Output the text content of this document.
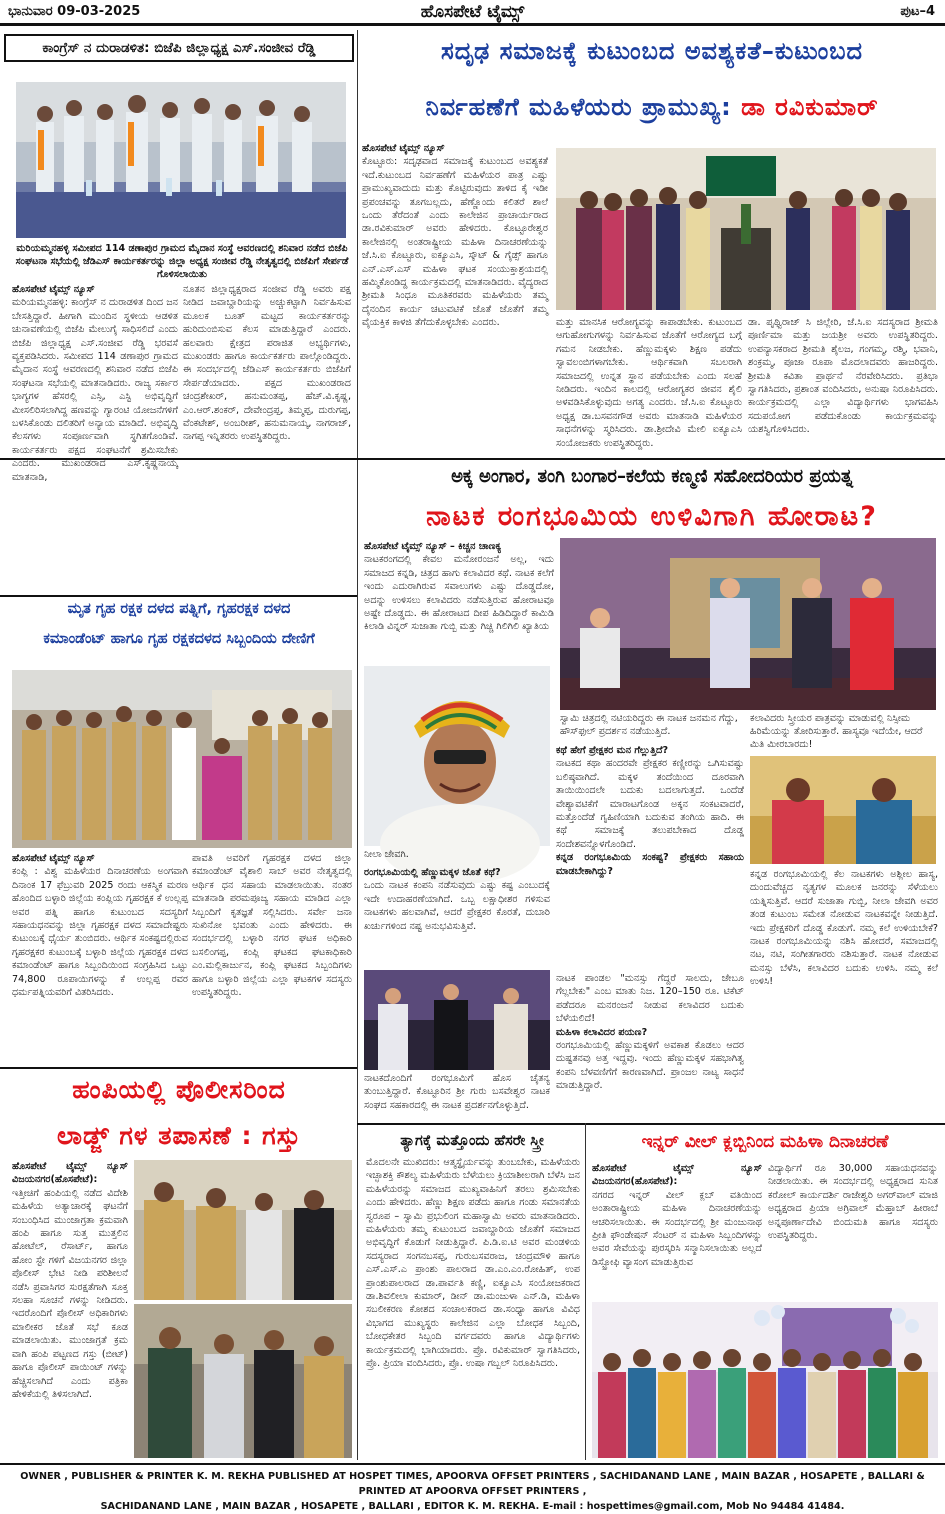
ಭಾನುವಾರ 09-03-2025	ಹೊಸಪೇಟೆ ಟೈಮ್ಸ್	ಪುಟ–4
ಕಾಂಗ್ರೆಸ್ ನ ದುರಾಡಳಿತ: ಬಿಜೆಪಿ ಜಿಲ್ಲಾಧ್ಯಕ್ಷ ಎಸ್.ಸಂಜೀವ ರೆಡ್ಡಿ
ಮರಿಯಮ್ಮನಹಳ್ಳಿ ಸಮೀಪದ 114 ಡಣಾಪುರ ಗ್ರಾಮದ ಮೈದಾನ ಸಂಸ್ಥೆ ಆವರಣದಲ್ಲಿ ಶನಿವಾರ ನಡೆದ ಬಿಜೆಪಿ ಸಂಘಟನಾ ಸಭೆಯಲ್ಲಿ ಜೆಡಿಎಸ್ ಕಾರ್ಯಕರ್ತರನ್ನು ಜಿಲ್ಲಾ ಅಧ್ಯಕ್ಷ ಸಂಜೀವ ರೆಡ್ಡಿ ನೇತೃತ್ವದಲ್ಲಿ ಬಿಜೆಪಿಗೆ ಸೇರ್ಪಡೆ ಗೊಳಿಸಲಾಯಿತು

ಹೊಸಪೇಟೆ ಟೈಮ್ಸ್ ನ್ಯೂಸ್

ಮರಿಯಮ್ಮನಹಳ್ಳಿ: ಕಾಂಗ್ರೆಸ್ ನ ದುರಾಡಳಿತ ದಿಂದ ಜನ ಬೇಸತ್ತಿದ್ದಾರೆ. ಹೀಗಾಗಿ ಮುಂದಿನ ಸ್ಥಳೀಯ ಆಡಳಿತ ಚುನಾವಣೆಯಲ್ಲಿ ಬಿಜೆಪಿ ಮೇಲುಗೈ ಸಾಧಿಸಲಿದೆ ಎಂದು ಬಿಜೆಪಿ ಜಿಲ್ಲಾಧ್ಯಕ್ಷ ಎಸ್.ಸಂಜೀವ ರೆಡ್ಡಿ ಭರವಸೆ ವ್ಯಕ್ತಪಡಿಸಿದರು. ಸಮೀಪದ 114 ಡಣಾಪುರ ಗ್ರಾಮದ ಮೈದಾನ ಸಂಸ್ಥೆ ಆವರಣದಲ್ಲಿ ಶನಿವಾರ ನಡೆದ ಬಿಜೆಪಿ ಸಂಘಟನಾ ಸಭೆಯಲ್ಲಿ ಮಾತನಾಡಿದರು. ರಾಜ್ಯ ಸರ್ಕಾರ ಭಾಗ್ಯಗಳ ಹೆಸರಲ್ಲಿ ಎಸ್ಸಿ, ಎಸ್ಟಿ ಅಭಿವೃದ್ಧಿಗೆ ಮೀಸಲಿರಿಸಲಾಗಿದ್ದ ಹಣವನ್ನು ಗ್ಯಾರಂಟಿ ಯೋಜನೆಗಳಿಗೆ ಬಳಸಿಕೊಂಡು ದಲಿತರಿಗೆ ಅನ್ಯಾಯ ಮಾಡಿದೆ. ಅಭಿವೃದ್ಧಿ ಕೆಲಸಗಳು ಸಂಪೂರ್ಣವಾಗಿ ಸ್ಥಗಿತಗೊಂಡಿವೆ. ಕಾರ್ಯಕರ್ತರು ಪಕ್ಷದ ಸಂಘಟನೆಗೆ ಶ್ರಮಿಸಬೇಕು ಎಂದರು. ಮುಖಂಡರಾದ ಎಸ್.ಕೃಷ್ಣನಾಯ್ಕ ಮಾತನಾಡಿ,

ನೂತನ ಜಿಲ್ಲಾಧ್ಯಕ್ಷರಾದ ಸಂಜೀವ ರೆಡ್ಡಿ ಅವರು ಪಕ್ಷ ನೀಡಿದ ಜವಾಬ್ದಾರಿಯನ್ನು ಅಚ್ಚುಕಟ್ಟಾಗಿ ನಿರ್ವಹಿಸುವ ಮೂಲಕ ಬೂತ್ ಮಟ್ಟದ ಕಾರ್ಯಕರ್ತರನ್ನು ಹುರಿದುಂಬಿಸುವ ಕೆಲಸ ಮಾಡುತ್ತಿದ್ದಾರೆ ಎಂದರು. ಹಲವಾರು ಕ್ಷೇತ್ರದ ಪರಾಜಿತ ಅಭ್ಯರ್ಥಿಗಳು, ಮುಖಂಡರು ಹಾಗೂ ಕಾರ್ಯಕರ್ತರು ಪಾಲ್ಗೊಂಡಿದ್ದರು. ಈ ಸಂದರ್ಭದಲ್ಲಿ ಜೆಡಿಎಸ್ ಕಾರ್ಯಕರ್ತರು ಬಿಜೆಪಿಗೆ ಸೇರ್ಪಡೆಯಾದರು. ಪಕ್ಷದ ಮುಖಂಡರಾದ ಚಂದ್ರಶೇಖರ್, ಹನುಮಂತಪ್ಪ, ಹೆಚ್.ವಿ.ಕೃಷ್ಣ, ಎಂ.ಆರ್.ಶಂಕರ್, ದೇವೇಂದ್ರಪ್ಪ, ತಿಮ್ಮಪ್ಪ, ದುರುಗಪ್ಪ, ವೆಂಕಟೇಶ್, ಅಂಬರೀಶ್, ಹನುಮನಾಯ್ಕ, ನಾಗರಾಜ್, ನಾಗಪ್ಪ ಇನ್ನಿತರರು ಉಪಸ್ಥಿತರಿದ್ದರು.
ಸದೃಢ ಸಮಾಜಕ್ಕೆ ಕುಟುಂಬದ ಅವಶ್ಯಕತೆ–ಕುಟುಂಬದ
ನಿರ್ವಹಣೆಗೆ ಮಹಿಳೆಯರು ಪ್ರಾಮುಖ್ಯ: ಡಾ ರವಿಕುಮಾರ್

ಹೊಸಪೇಟೆ ಟೈಮ್ಸ್ ನ್ಯೂಸ್

ಕೊಟ್ಟೂರು: ಸದೃಢವಾದ ಸಮಾಜಕ್ಕೆ ಕುಟುಂಬದ ಅವಶ್ಯಕತೆ ಇದೆ.ಕುಟುಂಬದ ನಿರ್ವಹಣೆಗೆ ಮಹಿಳೆಯರ ಪಾತ್ರ ಎಷ್ಟು ಪ್ರಾಮುಖ್ಯವಾದುದು ಮತ್ತು ಕೊಟ್ಟಿರುವುದು ತಾಳಿದ ಕೈ ಇಡೀ ಪ್ರಪಂಚವನ್ನು ತೂಗಬಲ್ಲದು, ಹೆಣ್ಣೊಂದು ಕಲಿತರೆ ಶಾಲೆ ಒಂದು ತೆರೆದಂತೆ ಎಂದು ಕಾಲೇಜಿನ ಪ್ರಾಚಾರ್ಯರಾದ ಡಾ.ರವಿಕುಮಾರ್ ಅವರು ಹೇಳಿದರು. ಕೊಟ್ಟೂರೇಶ್ವರ ಕಾಲೇಜಿನಲ್ಲಿ ಅಂತರಾಷ್ಟ್ರೀಯ ಮಹಿಳಾ ದಿನಾಚರಣೆಯನ್ನು ಜೆ.ಸಿ.ಐ ಕೊಟ್ಟೂರು, ಐಕ್ಯೂಎಸಿ, ಸ್ಕೌಟ್ & ಗೈಡ್ಸ್ ಹಾಗೂ ಎನ್.ಎಸ್.ಎಸ್ ಮಹಿಳಾ ಘಟಕ ಸಂಯುಕ್ತಾಶ್ರಯದಲ್ಲಿ ಹಮ್ಮಿಕೊಂಡಿದ್ದ ಕಾರ್ಯಕ್ರಮದಲ್ಲಿ ಮಾತನಾಡಿದರು. ವೈದ್ಯರಾದ ಶ್ರೀಮತಿ ಸಿಂಧೂ ಮೂತಿಕರವರು ಮಹಿಳೆಯರು ತಮ್ಮ ದೈನಂದಿನ ಕಾರ್ಯ ಚಟುವಟಿಕೆ ಜೊತೆ ಜೊತೆಗೆ ತಮ್ಮ ವೈಯಕ್ತಿಕ ಕಾಳಜಿ ತೆಗೆದುಕೊಳ್ಳಬೇಕು ಎಂದರು.	ಮತ್ತು ಮಾನಸಿಕ ಆರೋಗ್ಯವನ್ನು ಕಾಪಾಡಬೇಕು. ಕುಟುಂಬದ ಆಗುಹೋಗುಗಳನ್ನು ನಿರ್ವಹಿಸುವ ಜೊತೆಗೆ ಆರೋಗ್ಯದ ಬಗ್ಗೆ ಗಮನ ನೀಡಬೇಕು. ಹೆಣ್ಣುಮಕ್ಕಳು ಶಿಕ್ಷಣ ಪಡೆದು ಸ್ವಾವಲಂಬಿಗಳಾಗಬೇಕು. ಆರ್ಥಿಕವಾಗಿ ಸಬಲರಾಗಿ ಸಮಾಜದಲ್ಲಿ ಉನ್ನತ ಸ್ಥಾನ ಪಡೆಯಬೇಕು ಎಂದು ಸಲಹೆ ನೀಡಿದರು. ಇಂದಿನ ಕಾಲದಲ್ಲಿ ಆರೋಗ್ಯಕರ ಜೀವನ ಶೈಲಿ ಅಳವಡಿಸಿಕೊಳ್ಳುವುದು ಅಗತ್ಯ ಎಂದರು. ಜೆ.ಸಿ.ಐ ಕೊಟ್ಟೂರು ಅಧ್ಯಕ್ಷ ಡಾ.ಬಸವನಗೌಡ ಅವರು ಮಾತನಾಡಿ ಮಹಿಳೆಯರ ಸಾಧನೆಗಳನ್ನು ಸ್ಮರಿಸಿದರು. ಡಾ.ಶ್ರೀದೇವಿ ಮೇಲಿ ಐಕ್ಯೂಎಸಿ ಸಂಯೋಜಕರು ಉಪಸ್ಥಿತರಿದ್ದರು.
ಡಾ. ಪೃಥ್ವಿರಾಜ್ ಸಿ ಜಿಲ್ಲೇರಿ, ಜೆ.ಸಿ.ಐ ಸದಸ್ಯರಾದ ಶ್ರೀಮತಿ ಪೂರ್ಣಿಮಾ ಮತ್ತು ಜಯಶ್ರೀ ಅವರು ಉಪಸ್ಥಿತರಿದ್ದರು. ಉಪನ್ಯಾಸಕರಾದ ಶ್ರೀಮತಿ ಶೈಲಜ, ಗಂಗಮ್ಮ, ರಶ್ಮಿ, ಭವಾನಿ, ಶಂಕ್ರಮ್ಮ, ಪೂಜಾ ರೂಪಾ ಮೊದಲಾದವರು ಹಾಜರಿದ್ದರು. ಶ್ರೀಮತಿ ಕವಿತಾ ಪ್ರಾರ್ಥನೆ ನೆರವೇರಿಸಿದರು. ಪ್ರತಿಭಾ ಸ್ವಾಗತಿಸಿದರು, ಪ್ರಶಾಂತ ವಂದಿಸಿದರು, ಅನುಷಾ ನಿರೂಪಿಸಿದರು. ಕಾರ್ಯಕ್ರಮದಲ್ಲಿ ಎಲ್ಲಾ ವಿದ್ಯಾರ್ಥಿಗಳು ಭಾಗವಹಿಸಿ ಸದುಪಯೋಗ ಪಡೆದುಕೊಂಡು ಕಾರ್ಯಕ್ರಮವನ್ನು ಯಶಸ್ವಿಗೊಳಿಸಿದರು.
ಅಕ್ಕ ಅಂಗಾರ, ತಂಗಿ ಬಂಗಾರ–ಕಲೆಯ ಕಣ್ಮಣಿ ಸಹೋದರಿಯರ ಪ್ರಯತ್ನ
ನಾಟಕ ರಂಗಭೂಮಿಯ ಉಳಿವಿಗಾಗಿ ಹೋರಾಟ?

ಹೊಸಪೇಟೆ ಟೈಮ್ಸ್ ನ್ಯೂಸ್ – ಕಿಚ್ಚನ ಚಾಣಕ್ಯ

ನಾಟಕರಂಗದಲ್ಲಿ ಕೇವಲ ಮನೋರಂಜನೆ ಅಲ್ಲ, ಇದು ಸಮಾಜದ ಕನ್ನಡಿ, ಚಿತ್ರದ ಹಾಗು ಕಲಾವಿದರ ಕಥೆ. ನಾಟಕ ಕಲೆಗೆ ಇಂದು ಎದುರಾಗಿರುವ ಸವಾಲುಗಳು ಎಷ್ಟು ದೊಡ್ಡದೋ, ಅದನ್ನು ಉಳಿಸಲು ಕಲಾವಿದರು ನಡೆಸುತ್ತಿರುವ ಹೋರಾಟವೂ ಅಷ್ಟೇ ದೊಡ್ಡದು. ಈ ಹೋರಾಟದ ದೀಪ ಹಿಡಿದಿದ್ದಾರೆ ಕಾಮಿಡಿ ಕಿಲಾಡಿ ವಿನ್ನರ್ ಸುಜಾತಾ ಗುಬ್ಬಿ ಮತ್ತು ಗಿಚ್ಚಿ ಗಿಲಿಗಿಲಿ ಖ್ಯಾತಿಯ

ಸ್ವಾಮಿ ಚಿತ್ರದಲ್ಲಿ ನಟಿಯರಿದ್ದರು ಈ ನಾಟಕ ಜನಮನ ಗೆದ್ದು, ಹೌಸ್‌ಫುಲ್ ಪ್ರದರ್ಶನ ನಡೆಯುತ್ತಿದೆ.
ಕಲಾವಿದರು ಸ್ತ್ರೀಯರ ಪಾತ್ರವನ್ನು ಮಾಡುವಲ್ಲಿ ನಿಸ್ಸೀಮ ಹಿರಿಮೆಯನ್ನು ತೋರಿಸುತ್ತಾರೆ. ಹಾಸ್ಯವೂ ಇದೆಯೇ, ಆದರೆ ಮಿತಿ ಮೀರಬಾರದು!
ನೀಲಾ ಜೇವಗಿ.

ಕಥೆ ಹೇಗೆ ಪ್ರೇಕ್ಷಕರ ಮನ ಗೆಲ್ಲುತ್ತಿದೆ?

ನಾಟಕದ ಕಥಾ ಹಂದರವೇ ಪ್ರೇಕ್ಷಕರ ಕಣ್ಣೀರನ್ನು ಒಗಿಸುವಷ್ಟು ಬಲಿಷ್ಠವಾಗಿದೆ. ಮಕ್ಕಳ ತಂದೆಯಿಂದ ದೂರವಾಗಿ ತಾಯಿಯಿಂದಲೇ ಬದುಕು ಬದಲಾಗುತ್ತದೆ. ಒಂದೆಡೆ ವೇಶ್ಯಾವಟಿಕೆಗೆ ಮಾರಾಟಗೊಂಡ ಅಕ್ಕನ ಸಂಕಟವಾದರೆ, ಮತ್ತೊಂದೆಡೆ ಗೃಹಿಣಿಯಾಗಿ ಬದುಕುವ ತಂಗಿಯ ಹಾದಿ. ಈ ಕಥೆ ಸಮಾಜಕ್ಕೆ ತಲುಪಬೇಕಾದ ದೊಡ್ಡ ಸಂದೇಶವನ್ನೊಳಗೊಂಡಿದೆ.

ಕನ್ನಡ ರಂಗಭೂಮಿಯ ಸಂಕಷ್ಟ? ಪ್ರೇಕ್ಷಕರು ಸಹಾಯ ಮಾಡಬೇಕಾಗಿದ್ದು?

ರಂಗಭೂಮಿಯಲ್ಲಿ ಹೆಣ್ಣುಮಕ್ಕಳ ಜೊತೆ ಕಥೆ?

ಒಂದು ನಾಟಕ ಕಂಪನಿ ನಡೆಸುವುದು ಎಷ್ಟು ಕಷ್ಟ ಎಂಬುದಕ್ಕೆ ಇದೇ ಉದಾಹರಣೆಯಾಗಿದೆ. ಒಬ್ಬ ಲಕ್ಷಾಧೀಶರ ಗಳಿಸುವ ನಾಟಕಗಳು ಹಲವಾಗಿವೆ, ಆದರೆ ಪ್ರೇಕ್ಷಕರ ಕೊರತೆ, ದುಬಾರಿ ಖರ್ಚುಗಳಿಂದ ನಷ್ಟ ಅನುಭವಿಸುತ್ತಿವೆ.

ನಾಟಕ ಪಾಂಡಲ "ಮನಸ್ಸು ಗೆದ್ದರೆ ಸಾಲದು, ಜೇಬೂ ಗೆಲ್ಲಬೇಕು" ಎಂಬ ಮಾತು ನಿಜ. 120–150 ರೂ. ಟಿಕೆಟ್ ಪಡೆದರೂ ಮನರಂಜನೆ ನೀಡುವ ಕಲಾವಿದರ ಬದುಕು ಬೆಳೆಯಲಿದೆ!

ಮಹಿಳಾ ಕಲಾವಿದರ ಪಯಣ?

ರಂಗಭೂಮಿಯಲ್ಲಿ ಹೆಣ್ಣುಮಕ್ಕಳಿಗೆ ಅವಕಾಶ ಕೊಡಲು ಆದರ ದುಷ್ಟತನವು ಅತ್ತ ಇದ್ದವು. ಇಂದು ಹೆಣ್ಣುಮಕ್ಕಳ ಸಹಭಾಗಿತ್ವ ಕಂಪನಿ ಬೆಳವಣಿಗೆಗೆ ಕಾರಣವಾಗಿದೆ. ಪ್ರಾಂಜಲ ನಾಟ್ಯ ಸಾಧನೆ ಮಾಡುತ್ತಿದ್ದಾರೆ.

ನಾಟಕದೊಂದಿಗೆ ರಂಗಭೂಮಿಗೆ ಹೊಸ ಚೈತನ್ಯ ತುಂಬುತ್ತಿದ್ದಾರೆ. ಕೊಟ್ಟೂರಿನ ಶ್ರೀ ಗುರು ಬಸವೇಶ್ವರ ನಾಟಕ ಸಂಘದ ಸಹಕಾರದಲ್ಲಿ ಈ ನಾಟಕ ಪ್ರದರ್ಶನಗೊಳ್ಳುತ್ತಿದೆ.
ಕನ್ನಡ ರಂಗಭೂಮಿಯಲ್ಲಿ ಕೆಲ ನಾಟಕಗಳು ಅಶ್ಲೀಲ ಹಾಸ್ಯ, ದುಂದುವೆಚ್ಚದ ನೃತ್ಯಗಳ ಮೂಲಕ ಜನರನ್ನು ಸೆಳೆಯಲು ಯತ್ನಿಸುತ್ತಿವೆ. ಆದರೆ ಸುಜಾತಾ ಗುಬ್ಬಿ, ನೀಲಾ ಜೇವಗಿ ಅವರ ತಂಡ ಕುಟುಂಬ ಸಮೇತ ನೋಡುವ ನಾಟಕವನ್ನೇ ನೀಡುತ್ತಿದೆ. ಇದು ಪ್ರೇಕ್ಷಕರಿಗೆ ದೊಡ್ಡ ಕೊಡುಗೆ. ನಮ್ಮ ಕಲೆ ಉಳಿಯಬೇಕೆ? ನಾಟಕ ರಂಗಭೂಮಿಯನ್ನು ನಶಿಸಿ ಹೋದರೆ, ಸಮಾಜದಲ್ಲಿ ನಟ, ನಟಿ, ಸಂಗೀತಗಾರರು ನಶಿಸುತ್ತಾರೆ. ನಾಟಕ ನೋಡುವ ಮನಸ್ಸು ಬೆಳೆಸಿ, ಕಲಾವಿದರ ಬದುಕು ಉಳಿಸಿ. ನಮ್ಮ ಕಲೆ ಉಳಿಸಿ!
ಮೃತ ಗೃಹ ರಕ್ಷಕ ದಳದ ಪತ್ನಿಗೆ, ಗೃಹರಕ್ಷಕ ದಳದ
ಕಮಾಂಡೆಂಟ್ ಹಾಗೂ ಗೃಹ ರಕ್ಷಕದಳದ ಸಿಬ್ಬಂದಿಯ ದೇಣಿಗೆ

ಹೊಸಪೇಟೆ ಟೈಮ್ಸ್ ನ್ಯೂಸ್

ಕಂಪ್ಲಿ : ವಿಶ್ವ ಮಹಿಳೆಯರ ದಿನಾಚರಣೆಯ ಅಂಗವಾಗಿ ದಿನಾಂಕ 17 ಫೆಬ್ರುವರಿ 2025 ರಂದು ಆಕಸ್ಮಿಕ ಮರಣ ಹೊಂದಿದ ಬಳ್ಳಾರಿ ಜಿಲ್ಲೆಯ ಕಂಪ್ಲಿಯ ಗೃಹರಕ್ಷಕ ಕೆ ಉಲ್ಲಪ್ಪ ಅವರ ಪತ್ನಿ ಹಾಗೂ ಕುಟುಂಬದ ಸದಸ್ಯರಿಗೆ ಸಹಾಯಧನವನ್ನು ಜಿಲ್ಲಾ ಗೃಹರಕ್ಷಕ ದಳದ ಸಮಾದೇಷ್ಟರು ಕುಟುಂಬಕ್ಕೆ ಧೈರ್ಯ ತುಂಬಿದರು. ಆರ್ಥಿಕ ಸಂಕಷ್ಟದಲ್ಲಿರುವ ಗೃಹರಕ್ಷಕರ ಕುಟುಂಬಕ್ಕೆ ಬಳ್ಳಾರಿ ಜಿಲ್ಲೆಯ ಗೃಹರಕ್ಷಕ ದಳದ ಕಮಾಂಡೆಂಟ್ ಹಾಗೂ ಸಿಬ್ಬಂದಿಯಿಂದ ಸಂಗ್ರಹಿಸಿದ ಒಟ್ಟು 74,800 ರೂಪಾಯಿಗಳನ್ನು ಕೆ ಉಲ್ಲಪ್ಪ ರವರ ಧರ್ಮಪತ್ನಿಯವರಿಗೆ ವಿತರಿಸಿದರು.

ಪಾವತಿ ಅವರಿಗೆ ಗೃಹರಕ್ಷಕ ದಳದ ಜಿಲ್ಲಾ ಕಮಾಂಡೆಂಟ್ ವೈಶಾಲಿ ಸಾಬ್ ಅವರ ನೇತೃತ್ವದಲ್ಲಿ ಆರ್ಥಿಕ ಧನ ಸಹಾಯ ಮಾಡಲಾಯಿತು. ನಂತರ ಮಾತನಾಡಿ ಪರಮಪೂಜ್ಯ ಸಹಾಯ ಮಾಡಿದ ಎಲ್ಲಾ ಸಿಬ್ಬಂದಿಗೆ ಕೃತಜ್ಞತೆ ಸಲ್ಲಿಸಿದರು. ಸರ್ವೇ ಜನಾ ಸುಖಿನೋ ಭವಂತು ಎಂದು ಹೇಳಿದರು. ಈ ಸಂದರ್ಭದಲ್ಲಿ ಬಳ್ಳಾರಿ ನಗರ ಘಟಕ ಅಧಿಕಾರಿ ಬಸಲಿಂಗಪ್ಪ, ಕಂಪ್ಲಿ ಘಟಕದ ಘಟಕಾಧಿಕಾರಿ ಎಂ.ಮಲ್ಲಿಕಾರ್ಜುನ, ಕಂಪ್ಲಿ ಘಟಕದ ಸಿಬ್ಬಂದಿಗಳು ಹಾಗೂ ಬಳ್ಳಾರಿ ಜಿಲ್ಲೆಯ ಎಲ್ಲಾ ಘಟಕಗಳ ಸದಸ್ಯರು ಉಪಸ್ಥಿತರಿದ್ದರು.
ಹಂಪಿಯಲ್ಲಿ ಪೊಲೀಸರಿಂದ
ಲಾಡ್ಜ್ ಗಳ ತಪಾಸಣೆ : ಗಸ್ತು

ಹೊಸಪೇಟೆ ಟೈಮ್ಸ್ ನ್ಯೂಸ್ ವಿಜಯನಗರ(ಹೊಸಪೇಟೆ):

ಇತ್ತೀಚಿಗೆ ಹಂಪಿಯಲ್ಲಿ ನಡೆದ ವಿದೇಶಿ ಮಹಿಳೆಯ ಅತ್ಯಾಚಾರಕ್ಕೆ ಘಟನೆಗೆ ಸಂಬಂಧಿಸಿದ ಮುಂಜಾಗ್ರತಾ ಕ್ರಮವಾಗಿ ಹಂಪಿ ಹಾಗೂ ಸುತ್ತ ಮುತ್ತಲಿನ ಹೋಟೆಲ್, ರೆಸಾರ್ಟ್, ಹಾಗೂ ಹೋಂ ಸ್ಟೇ ಗಳಿಗೆ ವಿಜಯನಗರ ಜಿಲ್ಲಾ ಪೊಲೀಸ್ ಭೇಟಿ ನೀಡಿ ಪರಿಶೀಲನೆ ನಡೆಸಿ ಪ್ರವಾಸಿಗರ ಸುರಕ್ಷತೆಗಾಗಿ ಸೂಕ್ತ ಸಲಹಾ ಸೂಚನೆ ಗಳನ್ನು ನೀಡಿದರು. ಇದರೊಂದಿಗೆ ಪೊಲೀಸ್ ಅಧಿಕಾರಿಗಳು ಮಾಲೀಕರ ಜೊತೆ ಸಭೆ ಕೂಡ ಮಾಡಲಾಯಿತು. ಮುಂಜಾಗ್ರತೆ ಕ್ರಮ ವಾಗಿ ಹಂಪಿ ಪಟ್ಟಣದ ಗಸ್ತು (ಬೀಟ್) ಹಾಗೂ ಪೊಲೀಸ್ ಪಾಯಿಂಟ್ ಗಳನ್ನು ಹೆಚ್ಚಿಸಲಾಗಿದೆ ಎಂದು ಪತ್ರಿಕಾ ಹೇಳಿಕೆಯಲ್ಲಿ ತಿಳಿಸಲಾಗಿದೆ.

ತ್ಯಾಗಕ್ಕೆ ಮತ್ತೊಂದು ಹೆಸರೇ ಸ್ತ್ರೀ
ಮೊದಲನೇ ಮುಖಿದರು: ಆತ್ಮಸ್ಥೈರ್ಯವನ್ನು ತುಂಬಬೇಕು, ಮಹಿಳೆಯರು ಇಚ್ಛಾಶಕ್ತಿ ಕೌಶಲ್ಯ ಮಹಿಳೆಯರು ಬೆಳೆಯಲು ಕ್ರಿಯಾಶೀಲರಾಗಿ ಬೆಳೆಸಿ ಜನ ಮಹಿಳೆಯರನ್ನು ಸಮಾಜದ ಮುಖ್ಯವಾಹಿನಿಗೆ ತರಲು ಶ್ರಮಿಸಬೇಕು ಎಂದು ಹೇಳಿದರು. ಹೆಣ್ಣು ಶಿಕ್ಷಣ ಪಡೆದು ಹಾಗೂ ಗಂಡು ಸಮಾನತೆಯ ಸ್ವರೂಪ – ಸ್ವಾಮಿ ಪ್ರಭುಲಿಂಗ ಮಹಾಸ್ವಾಮಿ ಅವರು ಮಾತನಾಡಿದರು. ಮಹಿಳೆಯರು ತಮ್ಮ ಕುಟುಂಬದ ಜವಾಬ್ದಾರಿಯ ಜೊತೆಗೆ ಸಮಾಜದ ಅಭಿವೃದ್ಧಿಗೆ ಕೊಡುಗೆ ನೀಡುತ್ತಿದ್ದಾರೆ. ಪಿ.ಡಿ.ಐ.ಟಿ ಅವರ ಮಂಡಳಿಯ ಸದಸ್ಯರಾದ ಸಂಗನಬಸಪ್ಪ, ಗುರುಬಸವರಾಜ, ಚಂದ್ರಮೌಳಿ ಹಾಗೂ ಎಸ್.ಎಸ್.ಎ ಪ್ರಾಂಶು ಪಾಲರಾದ ಡಾ.ಎಂ.ಎಂ.ರೋಹಿತ್, ಉಪ ಪ್ರಾಂಶುಪಾಲರಾದ ಡಾ.ಪಾರ್ವತಿ ಕಣ್ಣಿ, ಐಕ್ಯೂಎಸಿ ಸಂಯೋಜಕರಾದ ಡಾ.ಶಿವಲೀಲಾ ಕುಮಾರ್, ಡೀನ್ ಡಾ.ಮಂಜುಳಾ ಎನ್.ಡಿ, ಮಹಿಳಾ ಸಬಲೀಕರಣ ಕೋಶದ ಸಂಚಾಲಕರಾದ ಡಾ.ಸಂಧ್ಯಾ ಹಾಗೂ ವಿವಿಧ ವಿಭಾಗದ ಮುಖ್ಯಸ್ಥರು ಕಾಲೇಜಿನ ಎಲ್ಲಾ ಬೋಧಕ ಸಿಬ್ಬಂದಿ, ಬೋಧಕೇತರ ಸಿಬ್ಬಂದಿ ವರ್ಗದವರು ಹಾಗೂ ವಿದ್ಯಾರ್ಥಿಗಳು ಕಾರ್ಯಕ್ರಮದಲ್ಲಿ ಭಾಗಿಯಾದರು. ಪ್ರೊ. ರವಿಕುಮಾರ್ ಸ್ವಾಗತಿಸಿದರು, ಪ್ರೊ. ಪ್ರಿಯಾ ವಂದಿಸಿದರು, ಪ್ರೊ. ಉಷಾ ಗಬ್ಬಲ್ ನಿರೂಪಿಸಿದರು.
ಇನ್ನರ್ ವೀಲ್ ಕ್ಲಬ್ಬಿನಿಂದ ಮಹಿಳಾ ದಿನಾಚರಣೆ

ಹೊಸಪೇಟೆ ಟೈಮ್ಸ್ ನ್ಯೂಸ್ ವಿಜಯನಗರ(ಹೊಸಪೇಟೆ):

ನಗರದ ಇನ್ನರ್ ವೀಲ್ ಕ್ಲಬ್ ವತಿಯಿಂದ ಅಂತಾರಾಷ್ಟ್ರೀಯ ಮಹಿಳಾ ದಿನಾಚರಣೆಯನ್ನು ಆಚರಿಸಲಾಯಿತು. ಈ ಸಂದರ್ಭದಲ್ಲಿ ಶ್ರೀ ಮಂಜುನಾಥ ಪ್ರೀತಿ ಫೌಂಡೇಷನ್ ಸೆಂಟರ್ ನ ಮಹಿಳಾ ಸಿಬ್ಬಂದಿಗಳನ್ನು ಅವರ ಸೇವೆಯನ್ನು ಪುರಸ್ಕರಿಸಿ ಸನ್ಮಾನಿಸಲಾಯಿತು ಅಲ್ಲದೆ ಡಿಸ್ಟ್ರೋಫಿ ವ್ಯಾಸಂಗ ಮಾಡುತ್ತಿರುವ

ವಿದ್ಯಾರ್ಥಿಗೆ ರೂ 30,000 ಸಹಾಯಧನವನ್ನು ನೀಡಲಾಯಿತು. ಈ ಸಂದರ್ಭದಲ್ಲಿ ಅಧ್ಯಕ್ಷರಾದ ಸುನಿತ ಕರೋಲ್ ಕಾರ್ಯದರ್ಶಿ ರಾಜೇಶ್ವರಿ ಅಗರ್‌ವಾಲ್ ಮಾಜಿ ಅಧ್ಯಕ್ಷರಾದ ಪ್ರಿಯಾ ಅಗ್ರಿವಾಲ್ ಮೆಹ್ತಾಬ್ ಹೀರಾಬೆ ಅನ್ನಪೂರ್ಣಾದೇವಿ ಬಿಂದುಮತಿ ಹಾಗೂ ಸದಸ್ಯರು ಉಪಸ್ಥಿತರಿದ್ದರು.
OWNER , PUBLISHER & PRINTER K. M. REKHA PUBLISHED AT HOSPET TIMES, APOORVA OFFSET PRINTERS , SACHIDANAND LANE , MAIN BAZAR , HOSAPETE , BALLARI & PRINTED AT APOORVA OFFSET PRINTERS ,
SACHIDANAND LANE , MAIN BAZAR , HOSAPETE , BALLARI , EDITOR K. M. REKHA. E-mail : hospettimes@gmail.com, Mob No 94484 41484.
